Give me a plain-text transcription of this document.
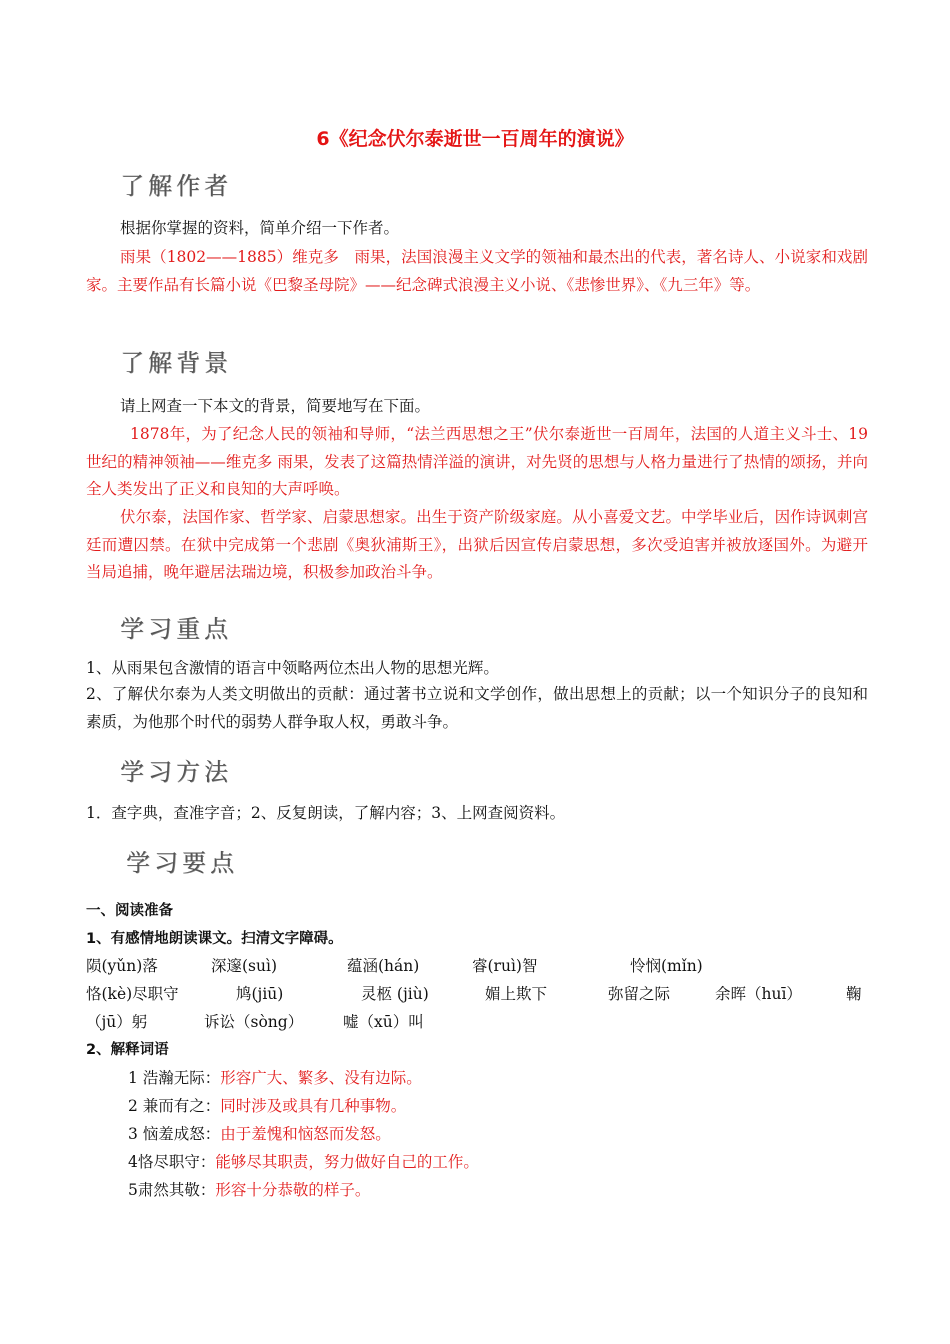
6《纪念伏尔泰逝世一百周年的演说》
了解作者
根据你掌握的资料，简单介绍一下作者。
雨果（1802——1885）维克多　雨果，法国浪漫主义文学的领袖和最杰出的代表，著名诗人、小说家和戏剧家。主要作品有长篇小说《巴黎圣母院》——纪念碑式浪漫主义小说、《悲惨世界》、《九三年》等。
了解背景
请上网查一下本文的背景，简要地写在下面。
1878年，为了纪念人民的领袖和导师，“法兰西思想之王”伏尔泰逝世一百周年，法国的人道主义斗士、19世纪的精神领袖——维克多 雨果，发表了这篇热情洋溢的演讲，对先贤的思想与人格力量进行了热情的颂扬，并向全人类发出了正义和良知的大声呼唤。
伏尔泰，法国作家、哲学家、启蒙思想家。出生于资产阶级家庭。从小喜爱文艺。中学毕业后，因作诗讽刺宫廷而遭囚禁。在狱中完成第一个悲剧《奥狄浦斯王》，出狱后因宣传启蒙思想，多次受迫害并被放逐国外。为避开当局追捕，晚年避居法瑞边境，积极参加政治斗争。
学习重点
1、从雨果包含激情的语言中领略两位杰出人物的思想光辉。
2、了解伏尔泰为人类文明做出的贡献：通过著书立说和文学创作，做出思想上的贡献；以一个知识分子的良知和素质，为他那个时代的弱势人群争取人权，勇敢斗争。
学习方法
1．查字典，查准字音；2、反复朗读，了解内容；3、上网查阅资料。
学习要点
一、阅读准备
1、有感情地朗读课文。扫清文字障碍。
陨(yǔn)落	深邃(suì)	蕴涵(hán)	睿(ruì)智	怜悯(mǐn)
恪(kè)尽职守	鸠(jiū)	灵柩 (jiù)	媚上欺下	弥留之际	余晖（huī）	鞠
（jū）躬	诉讼（sòng）	嘘（xū）叫
2、解释词语
1 浩瀚无际：形容广大、繁多、没有边际。
2 兼而有之：同时涉及或具有几种事物。
3 恼羞成怒：由于羞愧和恼怒而发怒。
4恪尽职守：能够尽其职责，努力做好自己的工作。
5肃然其敬：形容十分恭敬的样子。
